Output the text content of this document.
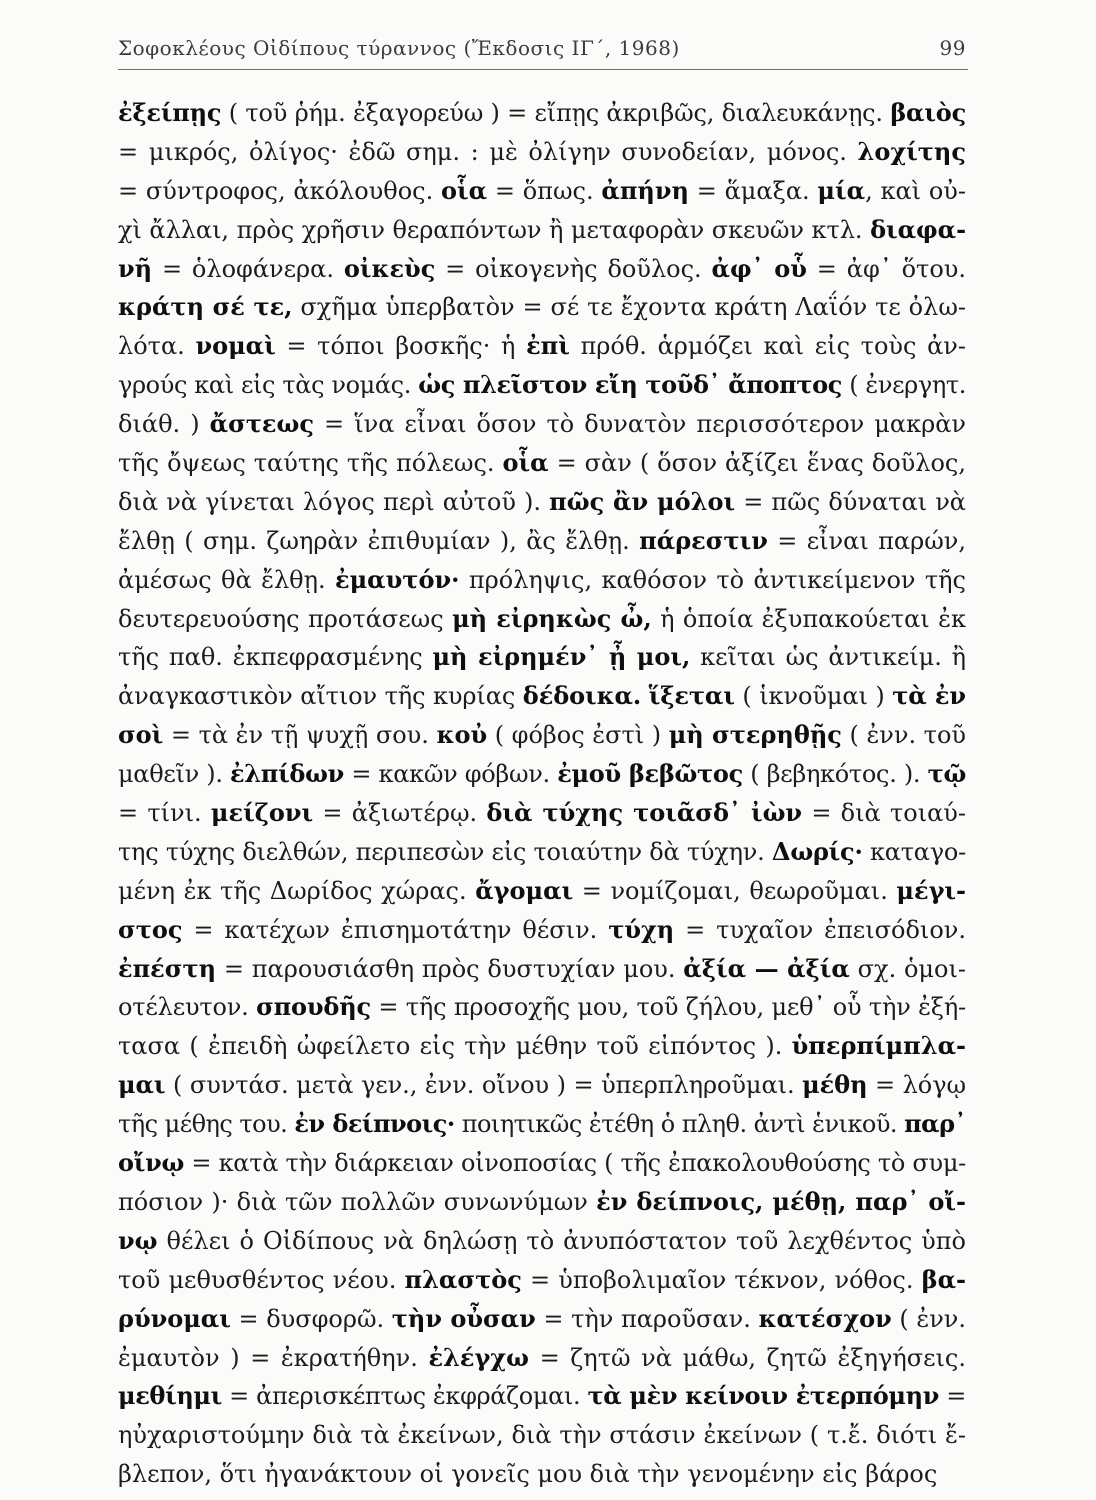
Σοφοκλέους Οἰδίπους τύραννος (Ἔκδοσις ΙΓ΄, 1968)	99
ἐξείπῃς ( τοῦ ῥήμ. ἐξαγορεύω ) = εἴπῃς ἀκριβῶς, διαλευκάνῃς. βαιὸς
= μικρός, ὀλίγος· ἐδῶ σημ. : μὲ ὀλίγην συνοδείαν, μόνος. λοχίτης
= σύντροφος, ἀκόλουθος. οἷα = ὅπως. ἀπήνη = ἅμαξα. μία, καὶ οὐ-
χὶ ἄλλαι, πρὸς χρῆσιν θεραπόντων ἢ μεταφορὰν σκευῶν κτλ. διαφα-
νῆ = ὁλοφάνερα. οἰκεὺς = οἰκογενὴς δοῦλος. ἀφ᾽ οὗ = ἀφ᾽ ὅτου.
κράτη σέ τε, σχῆμα ὑπερβατὸν = σέ τε ἔχοντα κράτη Λαΐόν τε ὀλω-
λότα. νομαὶ = τόποι βοσκῆς· ἡ ἐπὶ πρόθ. ἁρμόζει καὶ εἰς τοὺς ἀν-
γρούς καὶ εἰς τὰς νομάς. ὡς πλεῖστον εἴη τοῦδ᾽ ἄποπτος ( ἐνεργητ.
διάθ. ) ἄστεως = ἵνα εἶναι ὅσον τὸ δυνατὸν περισσότερον μακρὰν
τῆς ὄψεως ταύτης τῆς πόλεως. οἷα = σὰν ( ὅσον ἀξίζει ἕνας δοῦλος,
διὰ νὰ γίνεται λόγος περὶ αὐτοῦ ). πῶς ἂν μόλοι = πῶς δύναται νὰ
ἔλθῃ ( σημ. ζωηρὰν ἐπιθυμίαν ), ἂς ἔλθῃ. πάρεστιν = εἶναι παρών,
ἀμέσως θὰ ἔλθῃ. ἐμαυτόν· πρόληψις, καθόσον τὸ ἀντικείμενον τῆς
δευτερευούσης προτάσεως μὴ εἰρηκὼς ὦ, ἡ ὁποία ἐξυπακούεται ἐκ
τῆς παθ. ἐκπεφρασμένης μὴ εἰρημέν᾽ ᾖ μοι, κεῖται ὡς ἀντικείμ. ἢ
ἀναγκαστικὸν αἴτιον τῆς κυρίας δέδοικα. ἵξεται ( ἱκνοῦμαι ) τὰ ἐν
σοὶ = τὰ ἐν τῇ ψυχῇ σου. κοὐ ( φόβος ἐστὶ ) μὴ στερηθῇς ( ἐνν. τοῦ
μαθεῖν ). ἐλπίδων = κακῶν φόβων. ἐμοῦ βεβῶτος ( βεβηκότος. ). τῷ
= τίνι. μείζονι = ἀξιωτέρῳ. διὰ τύχης τοιᾶσδ᾽ ἰὼν = διὰ τοιαύ-
της τύχης διελθών, περιπεσὼν εἰς τοιαύτην δὰ τύχην. Δωρίς· καταγο-
μένη ἐκ τῆς Δωρίδος χώρας. ἄγομαι = νομίζομαι, θεωροῦμαι. μέγι-
στος = κατέχων ἐπισημοτάτην θέσιν. τύχη = τυχαῖον ἐπεισόδιον.
ἐπέστη = παρουσιάσθη πρὸς δυστυχίαν μου. ἀξία — ἀξία σχ. ὁμοι-
οτέλευτον. σπουδῆς = τῆς προσοχῆς μου, τοῦ ζήλου, μεθ᾽ οὗ τὴν ἐξή-
τασα ( ἐπειδὴ ὠφείλετο εἰς τὴν μέθην τοῦ εἰπόντος ). ὑπερπίμπλα-
μαι ( συντάσ. μετὰ γεν., ἐνν. οἴνου ) = ὑπερπληροῦμαι. μέθη = λόγῳ
τῆς μέθης του. ἐν δείπνοις· ποιητικῶς ἐτέθη ὁ πληθ. ἀντὶ ἑνικοῦ. παρ᾽
οἴνῳ = κατὰ τὴν διάρκειαν οἰνοποσίας ( τῆς ἐπακολουθούσης τὸ συμ-
πόσιον )· διὰ τῶν πολλῶν συνωνύμων ἐν δείπνοις, μέθῃ, παρ᾽ οἴ-
νῳ θέλει ὁ Οἰδίπους νὰ δηλώσῃ τὸ ἀνυπόστατον τοῦ λεχθέντος ὑπὸ
τοῦ μεθυσθέντος νέου. πλαστὸς = ὑποβολιμαῖον τέκνον, νόθος. βα-
ρύνομαι = δυσφορῶ. τὴν οὖσαν = τὴν παροῦσαν. κατέσχον ( ἐνν.
ἐμαυτὸν ) = ἐκρατήθην. ἐλέγχω = ζητῶ νὰ μάθω, ζητῶ ἐξηγήσεις.
μεθίημι = ἀπερισκέπτως ἐκφράζομαι. τὰ μὲν κείνοιν ἐτερπόμην =
ηὐχαριστούμην διὰ τὰ ἐκείνων, διὰ τὴν στάσιν ἐκείνων ( τ.ἔ. διότι ἔ-
βλεπον, ὅτι ἠγανάκτουν οἱ γονεῖς μου διὰ τὴν γενομένην εἰς βάρος
